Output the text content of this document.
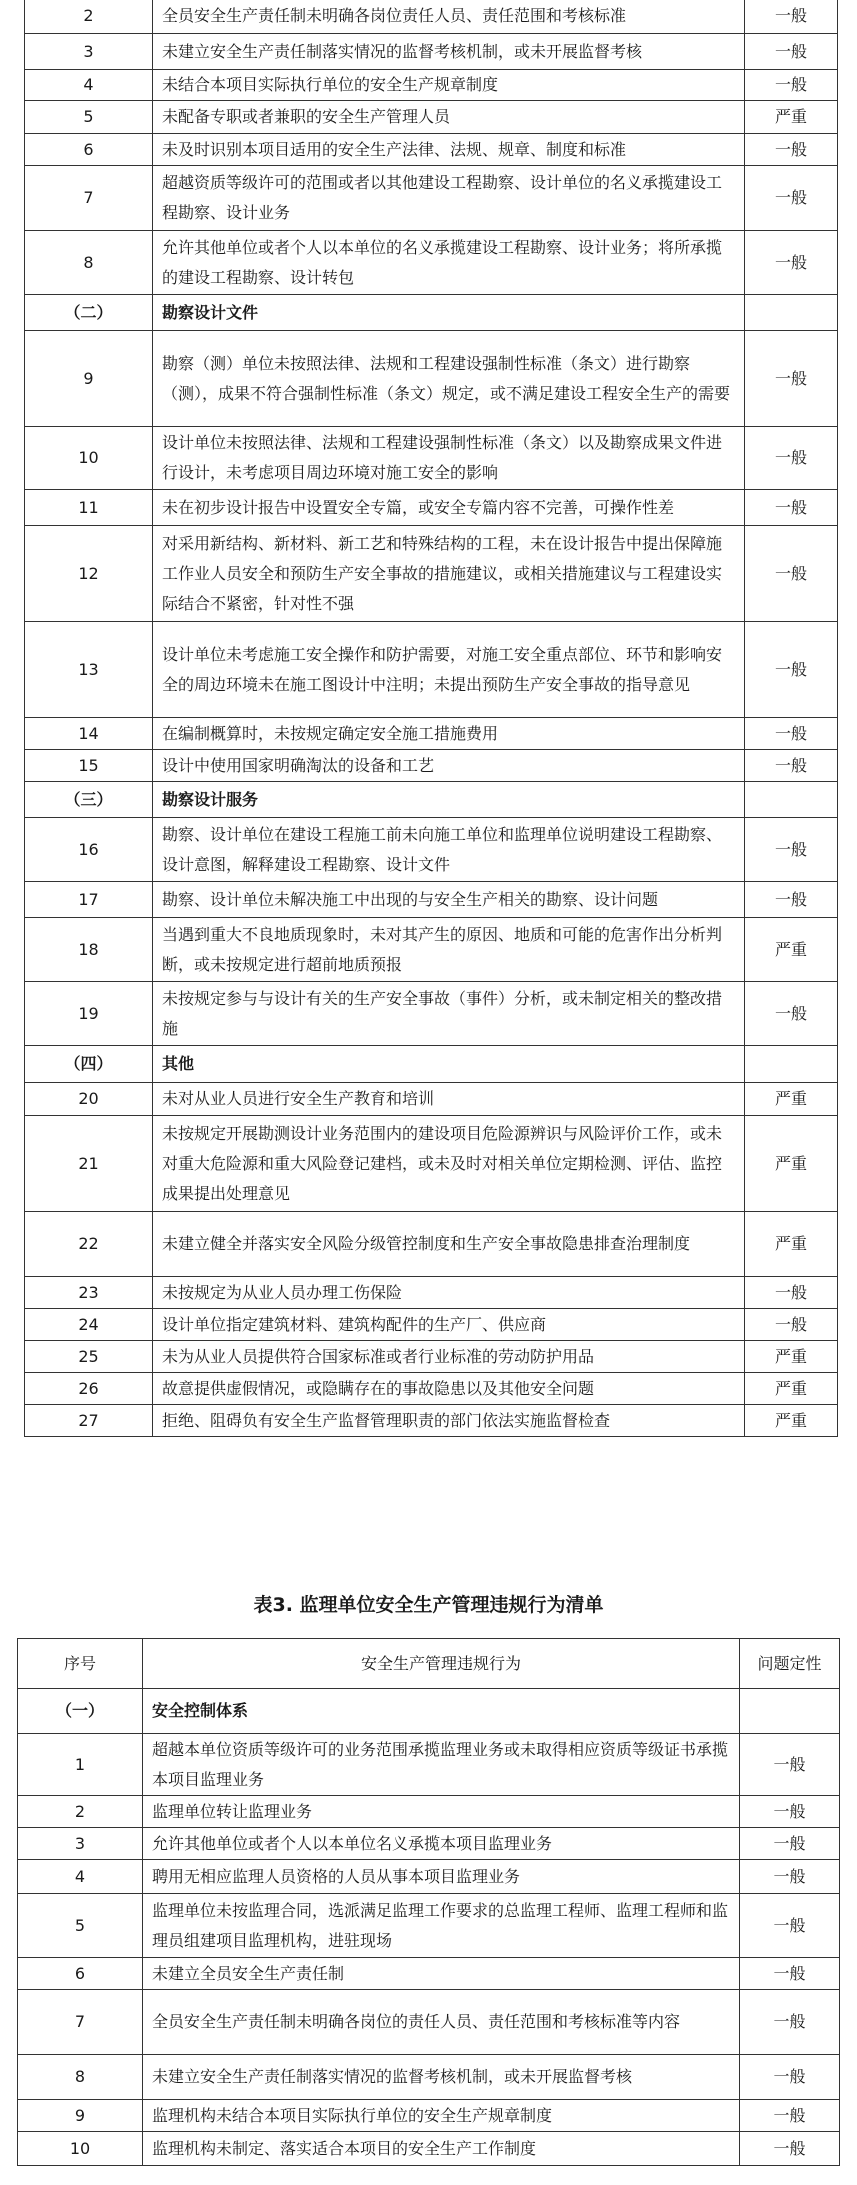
2	全员安全生产责任制未明确各岗位责任人员、责任范围和考核标准	一般
3	未建立安全生产责任制落实情况的监督考核机制，或未开展监督考核	一般
4	未结合本项目实际执行单位的安全生产规章制度	一般
5	未配备专职或者兼职的安全生产管理人员	严重
6	未及时识别本项目适用的安全生产法律、法规、规章、制度和标准	一般
7	超越资质等级许可的范围或者以其他建设工程勘察、设计单位的名义承揽建设工程勘察、设计业务	一般
8	允许其他单位或者个人以本单位的名义承揽建设工程勘察、设计业务；将所承揽的建设工程勘察、设计转包	一般
（二）	勘察设计文件	
9	勘察（测）单位未按照法律、法规和工程建设强制性标准（条文）进行勘察（测），成果不符合强制性标准（条文）规定，或不满足建设工程安全生产的需要	一般
10	设计单位未按照法律、法规和工程建设强制性标准（条文）以及勘察成果文件进行设计，未考虑项目周边环境对施工安全的影响	一般
11	未在初步设计报告中设置安全专篇，或安全专篇内容不完善，可操作性差	一般
12	对采用新结构、新材料、新工艺和特殊结构的工程，未在设计报告中提出保障施工作业人员安全和预防生产安全事故的措施建议，或相关措施建议与工程建设实际结合不紧密，针对性不强	一般
13	设计单位未考虑施工安全操作和防护需要，对施工安全重点部位、环节和影响安全的周边环境未在施工图设计中注明；未提出预防生产安全事故的指导意见	一般
14	在编制概算时，未按规定确定安全施工措施费用	一般
15	设计中使用国家明确淘汰的设备和工艺	一般
（三）	勘察设计服务	
16	勘察、设计单位在建设工程施工前未向施工单位和监理单位说明建设工程勘察、设计意图，解释建设工程勘察、设计文件	一般
17	勘察、设计单位未解决施工中出现的与安全生产相关的勘察、设计问题	一般
18	当遇到重大不良地质现象时，未对其产生的原因、地质和可能的危害作出分析判断，或未按规定进行超前地质预报	严重
19	未按规定参与与设计有关的生产安全事故（事件）分析，或未制定相关的整改措施	一般
（四）	其他	
20	未对从业人员进行安全生产教育和培训	严重
21	未按规定开展勘测设计业务范围内的建设项目危险源辨识与风险评价工作，或未对重大危险源和重大风险登记建档，或未及时对相关单位定期检测、评估、监控成果提出处理意见	严重
22	未建立健全并落实安全风险分级管控制度和生产安全事故隐患排查治理制度	严重
23	未按规定为从业人员办理工伤保险	一般
24	设计单位指定建筑材料、建筑构配件的生产厂、供应商	一般
25	未为从业人员提供符合国家标准或者行业标准的劳动防护用品	严重
26	故意提供虚假情况，或隐瞒存在的事故隐患以及其他安全问题	严重
27	拒绝、阻碍负有安全生产监督管理职责的部门依法实施监督检查	严重
表3. 监理单位安全生产管理违规行为清单
序号	安全生产管理违规行为	问题定性
（一）	安全控制体系	
1	超越本单位资质等级许可的业务范围承揽监理业务或未取得相应资质等级证书承揽本项目监理业务	一般
2	监理单位转让监理业务	一般
3	允许其他单位或者个人以本单位名义承揽本项目监理业务	一般
4	聘用无相应监理人员资格的人员从事本项目监理业务	一般
5	监理单位未按监理合同，选派满足监理工作要求的总监理工程师、监理工程师和监理员组建项目监理机构，进驻现场	一般
6	未建立全员安全生产责任制	一般
7	全员安全生产责任制未明确各岗位的责任人员、责任范围和考核标准等内容	一般
8	未建立安全生产责任制落实情况的监督考核机制，或未开展监督考核	一般
9	监理机构未结合本项目实际执行单位的安全生产规章制度	一般
10	监理机构未制定、落实适合本项目的安全生产工作制度	一般
